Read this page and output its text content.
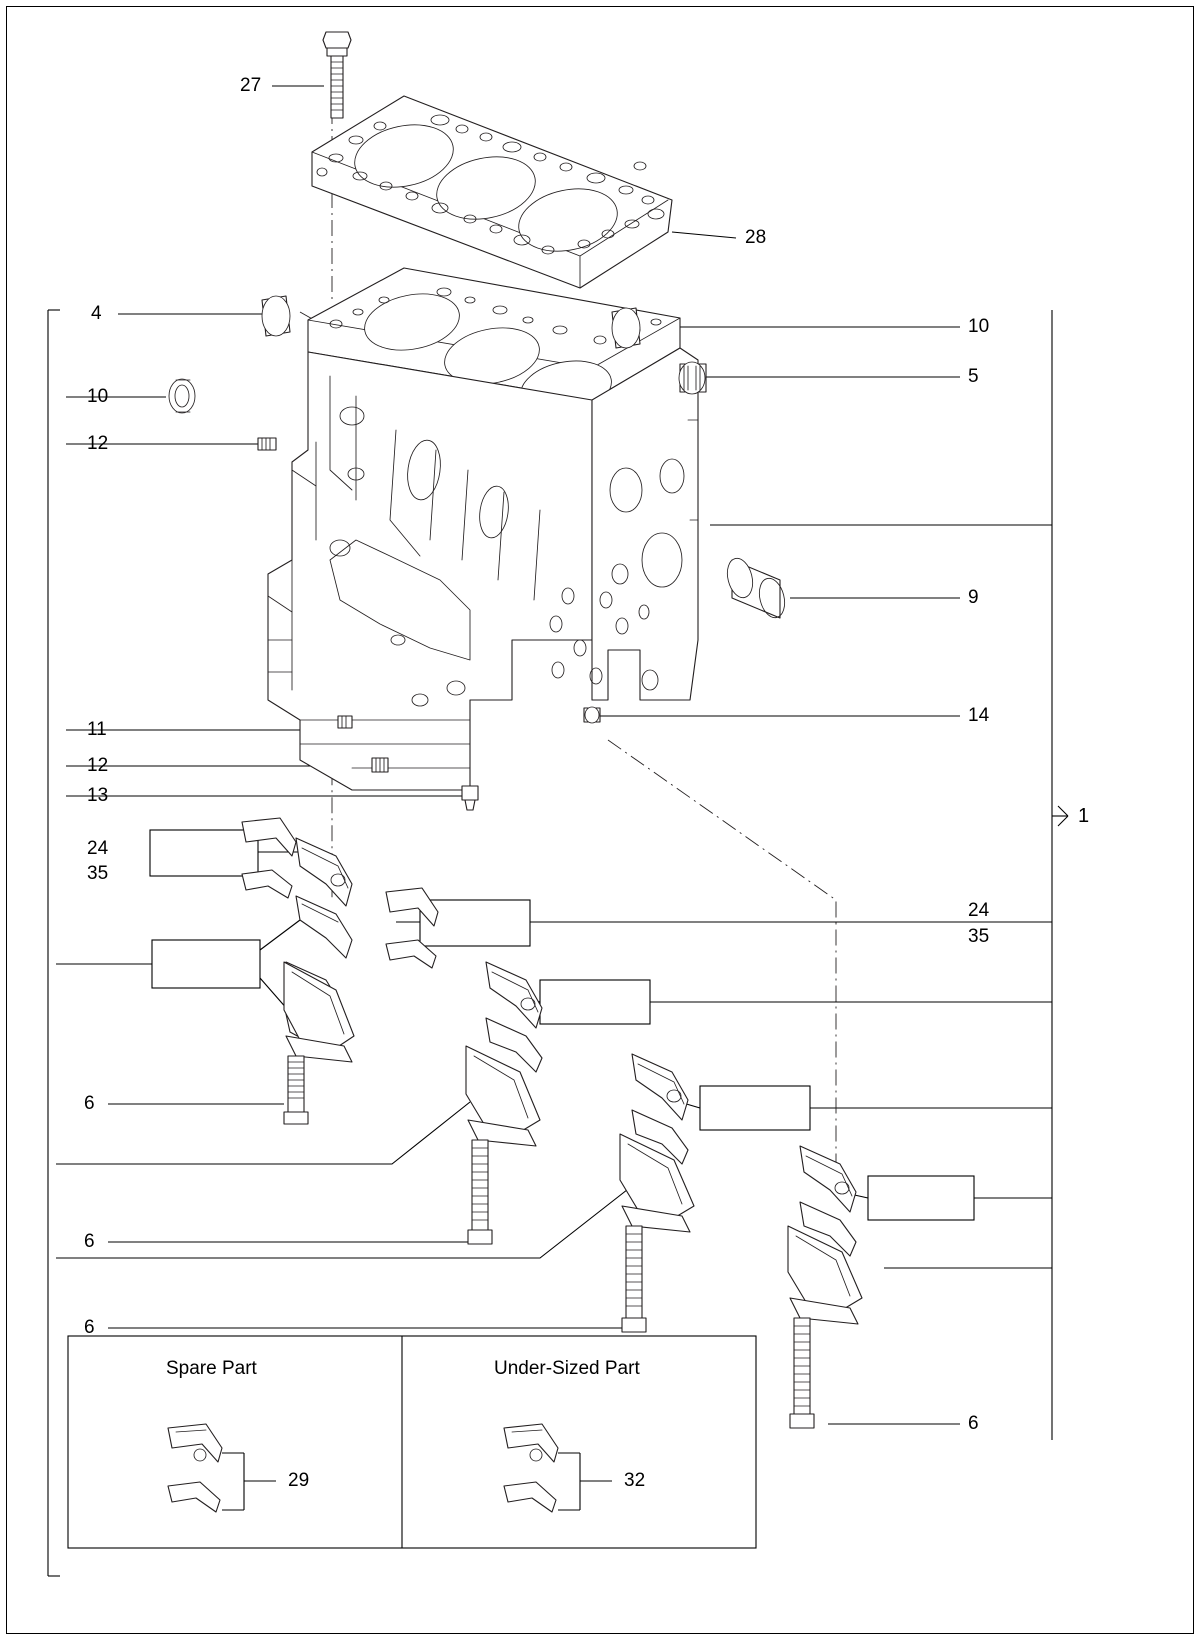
27
28
4
10
10
5
12
9
11
12
13
14
24
35
24
35
6
6
6
6
1
Spare Part	Under-Sized Part
29	32
